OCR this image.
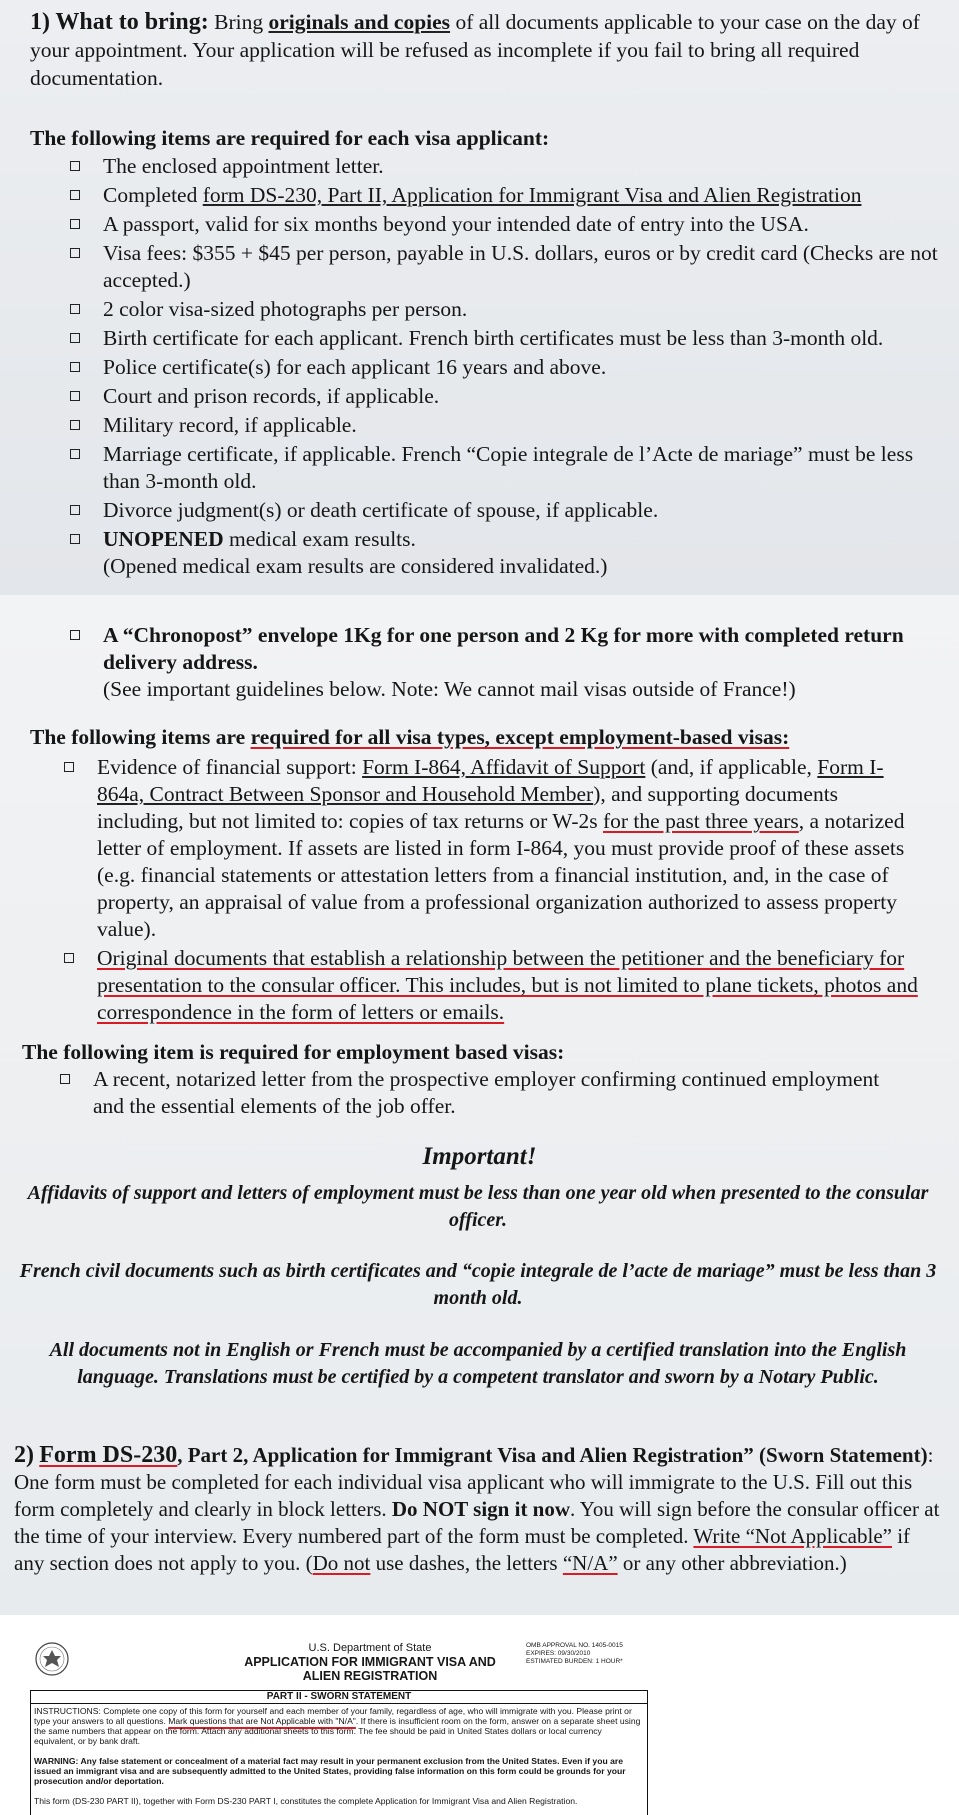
1) What to bring: Bring originals and copies of all documents applicable to your case on the day of your appointment. Your application will be refused as incomplete if you fail to bring all required documentation.

The following items are required for each visa applicant:
The enclosed appointment letter.
Completed form DS-230, Part II, Application for Immigrant Visa and Alien Registration
A passport, valid for six months beyond your intended date of entry into the USA.
Visa fees: $355 + $45 per person, payable in U.S. dollars, euros or by credit card (Checks are not accepted.)
2 color visa-sized photographs per person.
Birth certificate for each applicant. French birth certificates must be less than 3-month old.
Police certificate(s) for each applicant 16 years and above.
Court and prison records, if applicable.
Military record, if applicable.
Marriage certificate, if applicable. French “Copie integrale de l’Acte de mariage” must be less than 3-month old.
Divorce judgment(s) or death certificate of spouse, if applicable.
UNOPENED medical exam results.
(Opened medical exam results are considered invalidated.)
A “Chronopost” envelope 1Kg for one person and 2 Kg for more with completed return delivery address.
(See important guidelines below. Note: We cannot mail visas outside of France!)
The following items are required for all visa types, except employment-based visas:
Evidence of financial support: Form I-864, Affidavit of Support (and, if applicable, Form I-864a, Contract Between Sponsor and Household Member), and supporting documents including, but not limited to: copies of tax returns or W-2s for the past three years, a notarized letter of employment. If assets are listed in form I-864, you must provide proof of these assets (e.g. financial statements or attestation letters from a financial institution, and, in the case of property, an appraisal of value from a professional organization authorized to assess property value).
Original documents that establish a relationship between the petitioner and the beneficiary for presentation to the consular officer. This includes, but is not limited to plane tickets, photos and correspondence in the form of letters or emails.
The following item is required for employment based visas:
A recent, notarized letter from the prospective employer confirming continued employment and the essential elements of the job offer.

Important!

Affidavits of support and letters of employment must be less than one year old when presented to the consular officer.

French civil documents such as birth certificates and “copie integrale de l’acte de mariage” must be less than 3 month old.

All documents not in English or French must be accompanied by a certified translation into the English language. Translations must be certified by a competent translator and sworn by a Notary Public.

2) Form DS-230, Part 2, Application for Immigrant Visa and Alien Registration” (Sworn Statement): One form must be completed for each individual visa applicant who will immigrate to the U.S. Fill out this form completely and clearly in block letters. Do NOT sign it now. You will sign before the consular officer at the time of your interview. Every numbered part of the form must be completed. Write “Not Applicable” if any section does not apply to you. (Do not use dashes, the letters “N/A” or any other abbreviation.)

U.S. Department of State
APPLICATION FOR IMMIGRANT VISA AND
ALIEN REGISTRATION
OMB APPROVAL NO. 1405-0015
EXPIRES: 09/30/2010
ESTIMATED BURDEN: 1 HOUR*
PART II - SWORN STATEMENT

INSTRUCTIONS: Complete one copy of this form for yourself and each member of your family, regardless of age, who will immigrate with you. Please print or type your answers to all questions. Mark questions that are Not Applicable with "N/A". If there is insufficient room on the form, answer on a separate sheet using the same numbers that appear on the form. Attach any additional sheets to this form. The fee should be paid in United States dollars or local currency equivalent, or by bank draft.

WARNING: Any false statement or concealment of a material fact may result in your permanent exclusion from the United States. Even if you are issued an immigrant visa and are subsequently admitted to the United States, providing false information on this form could be grounds for your prosecution and/or deportation.

This form (DS-230 PART II), together with Form DS-230 PART I, constitutes the complete Application for Immigrant Visa and Alien Registration.
